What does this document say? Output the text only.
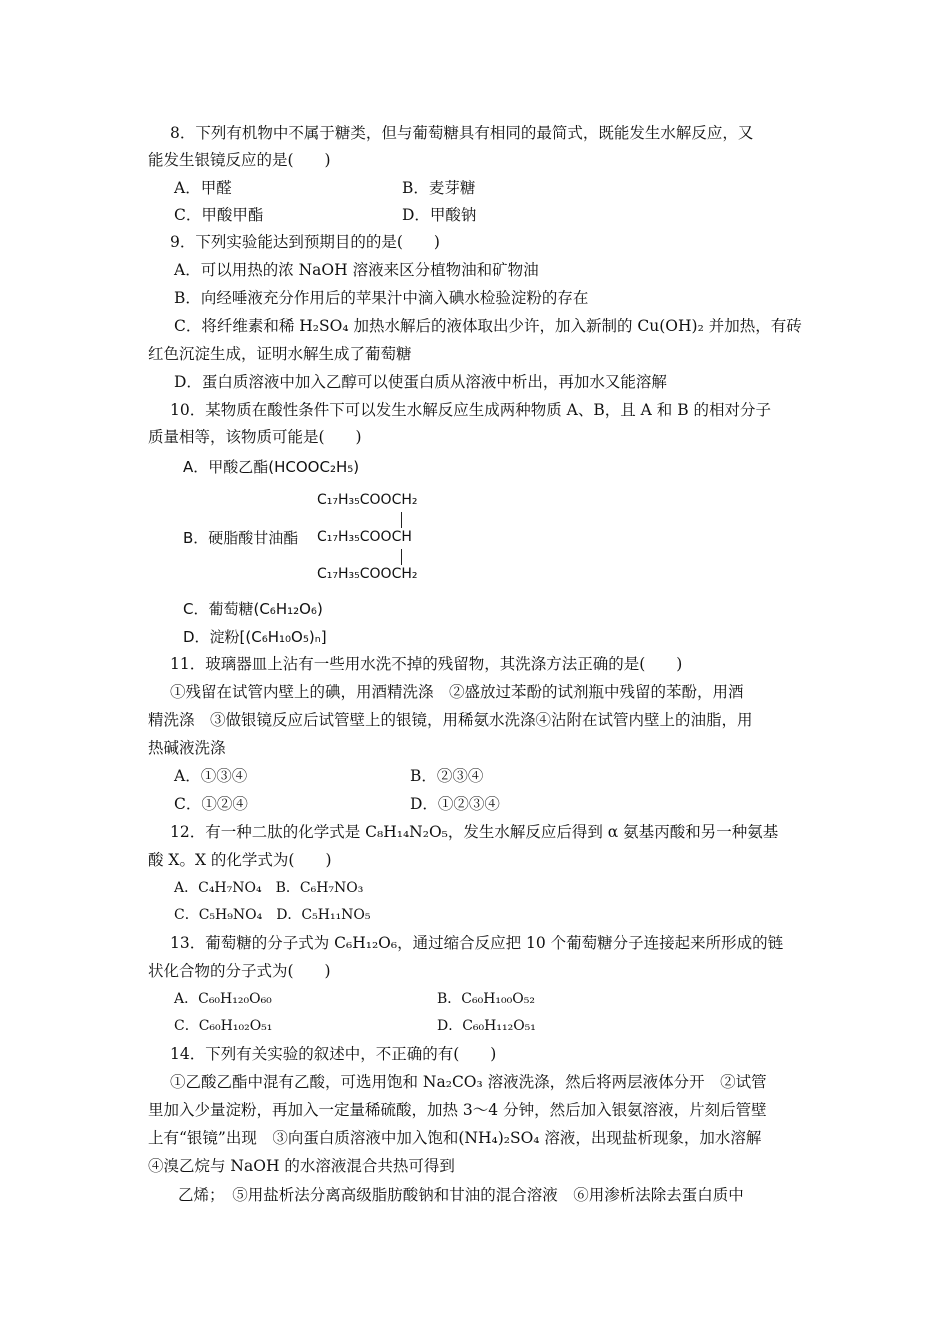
8．下列有机物中不属于糖类，但与葡萄糖具有相同的最简式，既能发生水解反应，又
能发生银镜反应的是(　　)
A．甲醛	B．麦芽糖
C．甲酸甲酯	D．甲酸钠
9．下列实验能达到预期目的的是(　　)
A．可以用热的浓 NaOH 溶液来区分植物油和矿物油
B．向经唾液充分作用后的苹果汁中滴入碘水检验淀粉的存在
C．将纤维素和稀 H₂SO₄ 加热水解后的液体取出少许，加入新制的 Cu(OH)₂ 并加热，有砖
红色沉淀生成，证明水解生成了葡萄糖
D．蛋白质溶液中加入乙醇可以使蛋白质从溶液中析出，再加水又能溶解
10．某物质在酸性条件下可以发生水解反应生成两种物质 A、B，且 A 和 B 的相对分子
质量相等，该物质可能是(　　)
A．甲酸乙酯(HCOOC₂H₅)
B．硬脂酸甘油酯
C₁₇H₃₅COOCH₂
C₁₇H₃₅COOCH
C₁₇H₃₅COOCH₂
C．葡萄糖(C₆H₁₂O₆)
D．淀粉[(C₆H₁₀O₅)ₙ]
11．玻璃器皿上沾有一些用水洗不掉的残留物，其洗涤方法正确的是(　　)
①残留在试管内壁上的碘，用酒精洗涤　②盛放过苯酚的试剂瓶中残留的苯酚，用酒
精洗涤　③做银镜反应后试管壁上的银镜，用稀氨水洗涤④沾附在试管内壁上的油脂，用
热碱液洗涤
A．①③④	B．②③④
C．①②④	D．①②③④
12．有一种二肽的化学式是 C₈H₁₄N₂O₅，发生水解反应后得到 α 氨基丙酸和另一种氨基
酸 X。X 的化学式为(　　)
A．C₄H₇NO₄　B．C₆H₇NO₃
C．C₅H₉NO₄　D．C₅H₁₁NO₅
13．葡萄糖的分子式为 C₆H₁₂O₆，通过缩合反应把 10 个葡萄糖分子连接起来所形成的链
状化合物的分子式为(　　)
A．C₆₀H₁₂₀O₆₀	B．C₆₀H₁₀₀O₅₂
C．C₆₀H₁₀₂O₅₁	D．C₆₀H₁₁₂O₅₁
14．下列有关实验的叙述中，不正确的有(　　)
①乙酸乙酯中混有乙酸，可选用饱和 Na₂CO₃ 溶液洗涤，然后将两层液体分开　②试管
里加入少量淀粉，再加入一定量稀硫酸，加热 3～4 分钟，然后加入银氨溶液，片刻后管壁
上有“银镜”出现　③向蛋白质溶液中加入饱和(NH₄)₂SO₄ 溶液，出现盐析现象，加水溶解
④溴乙烷与 NaOH 的水溶液混合共热可得到
乙烯；　⑤用盐析法分离高级脂肪酸钠和甘油的混合溶液　⑥用渗析法除去蛋白质中
